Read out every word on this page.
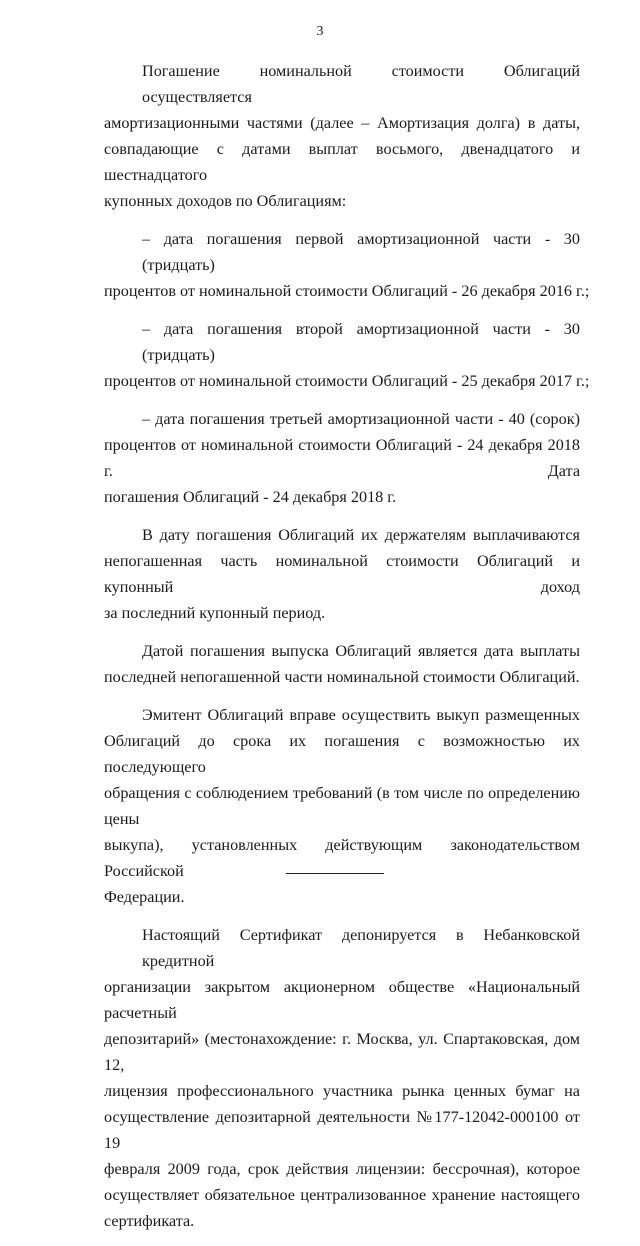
3
Погашение номинальной стоимости Облигаций осуществляется
амортизационными частями (далее – Амортизация долга) в даты,
совпадающие с датами выплат восьмого, двенадцатого и шестнадцатого
купонных доходов по Облигациям:
– дата погашения первой амортизационной части - 30 (тридцать)
процентов от номинальной стоимости Облигаций - 26 декабря 2016 г.;
– дата погашения второй амортизационной части - 30 (тридцать)
процентов от номинальной стоимости Облигаций - 25 декабря 2017 г.;
– дата погашения третьей амортизационной части - 40 (сорок)
процентов от номинальной стоимости Облигаций - 24 декабря 2018 г. Дата
погашения Облигаций - 24 декабря 2018 г.
В дату погашения Облигаций их держателям выплачиваются
непогашенная часть номинальной стоимости Облигаций и купонный доход
за последний купонный период.
Датой погашения выпуска Облигаций является дата выплаты
последней непогашенной части номинальной стоимости Облигаций.
Эмитент Облигаций вправе осуществить выкуп размещенных
Облигаций до срока их погашения с возможностью их последующего
обращения с соблюдением требований (в том числе по определению цены
выкупа), установленных действующим законодательством Российской
Федерации.
Настоящий Сертификат депонируется в Небанковской кредитной
организации закрытом акционерном обществе «Национальный расчетный
депозитарий» (местонахождение: г. Москва, ул. Спартаковская, дом 12,
лицензия профессионального участника рынка ценных бумаг на
осуществление депозитарной деятельности №177-12042-000100 от 19
февраля 2009 года, срок действия лицензии: бессрочная), которое
осуществляет обязательное централизованное хранение настоящего
сертификата.
